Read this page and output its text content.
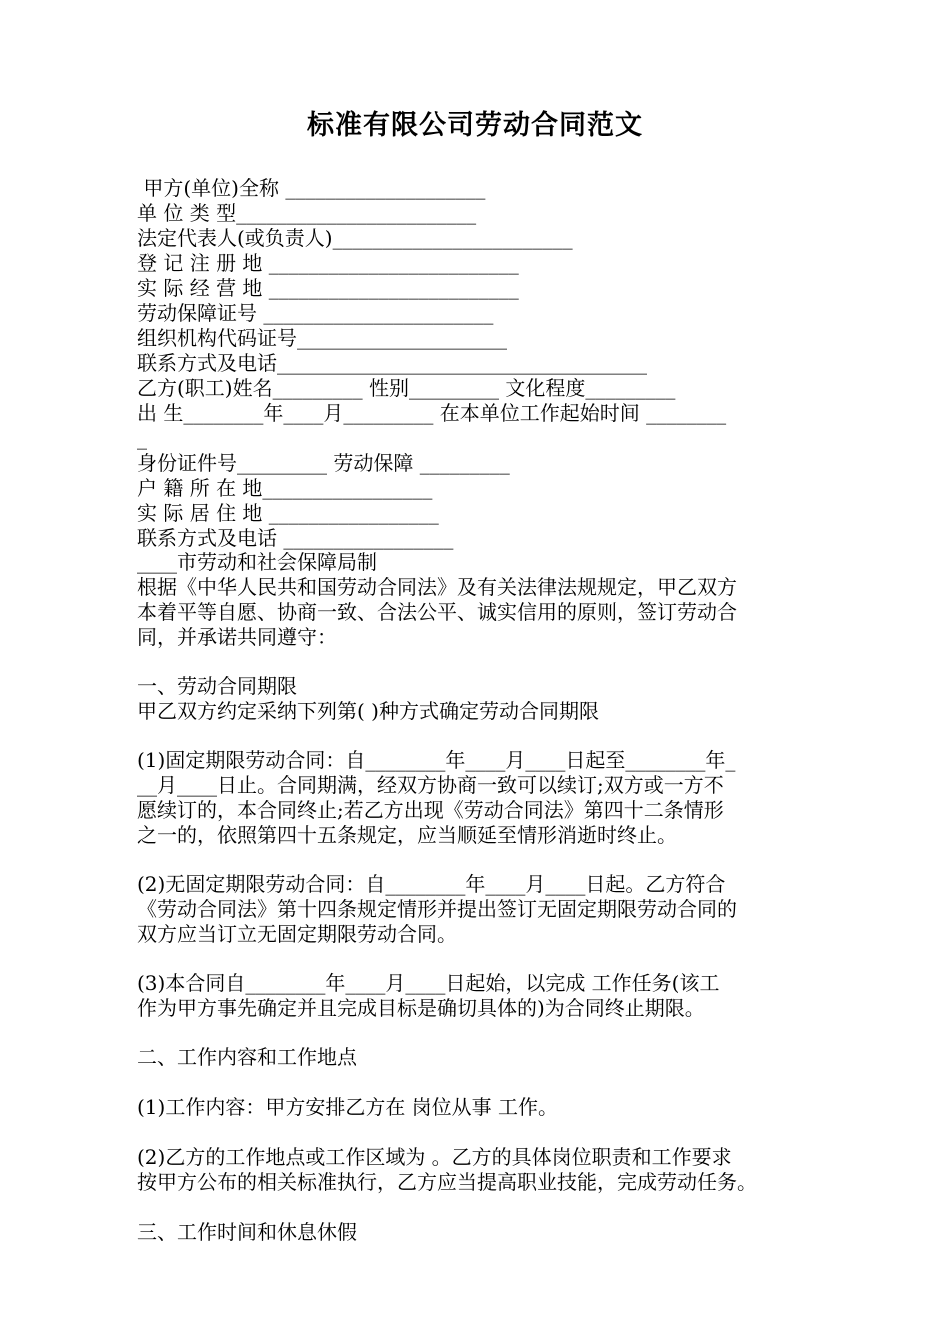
标准有限公司劳动合同范文
甲方(单位)全称 ____________________
单 位 类 型________________________
法定代表人(或负责人)________________________
登 记 注 册 地 _________________________
实 际 经 营 地 _________________________
劳动保障证号 _______________________
组织机构代码证号_____________________
联系方式及电话_____________________________________
乙方(职工)姓名_________ 性别_________ 文化程度_________
出 生________年____月_________ 在本单位工作起始时间 ________
_
身份证件号_________ 劳动保障 _________
户 籍 所 在 地_________________
实 际 居 住 地 _________________
联系方式及电话 _________________
____市劳动和社会保障局制
根据《中华人民共和国劳动合同法》及有关法律法规规定，甲乙双方
本着平等自愿、协商一致、合法公平、诚实信用的原则，签订劳动合
同，并承诺共同遵守：
一、劳动合同期限
甲乙双方约定采纳下列第( )种方式确定劳动合同期限
(1)固定期限劳动合同：自________年____月____日起至________年_
__月____日止。合同期满，经双方协商一致可以续订;双方或一方不
愿续订的，本合同终止;若乙方出现《劳动合同法》第四十二条情形
之一的，依照第四十五条规定，应当顺延至情形消逝时终止。
(2)无固定期限劳动合同：自________年____月____日起。乙方符合
《劳动合同法》第十四条规定情形并提出签订无固定期限劳动合同的
双方应当订立无固定期限劳动合同。
(3)本合同自________年____月____日起始，以完成 工作任务(该工
作为甲方事先确定并且完成目标是确切具体的)为合同终止期限。
二、工作内容和工作地点
(1)工作内容：甲方安排乙方在 岗位从事 工作。
(2)乙方的工作地点或工作区域为 。乙方的具体岗位职责和工作要求
按甲方公布的相关标准执行，乙方应当提高职业技能，完成劳动任务。
三、工作时间和休息休假
